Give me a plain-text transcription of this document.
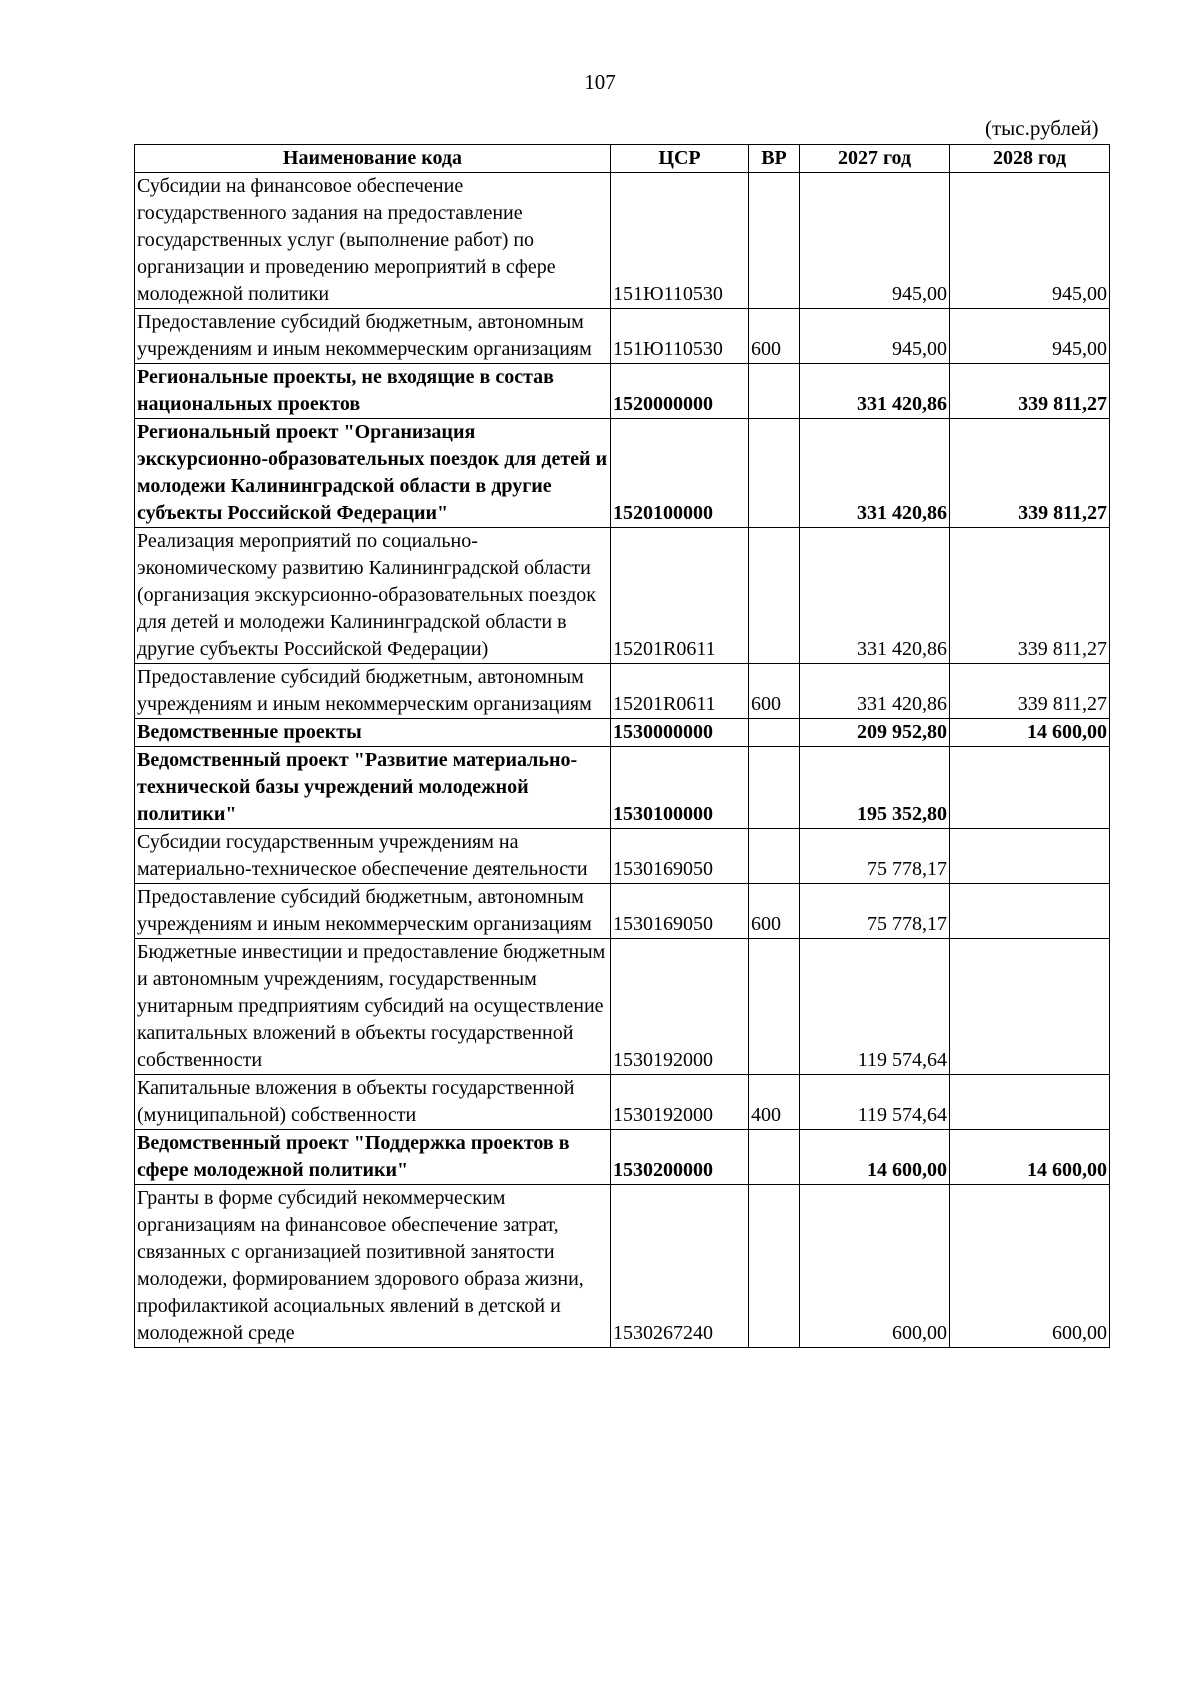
107
(тыс.рублей)
Наименование кода	ЦСР	ВР	2027 год	2028 год
Субсидии на финансовое обеспечение государственного задания на предоставление государственных услуг (выполнение работ) по организации и проведению мероприятий в сфере молодежной политики	151Ю110530		945,00	945,00
Предоставление субсидий бюджетным, автономным учреждениям и иным некоммерческим организациям	151Ю110530	600	945,00	945,00
Региональные проекты, не входящие в состав национальных проектов	1520000000		331 420,86	339 811,27
Региональный проект "Организация экскурсионно-образовательных поездок для детей и молодежи Калининградской области в другие субъекты Российской Федерации"	1520100000		331 420,86	339 811,27
Реализация мероприятий по социально-экономическому развитию Калининградской области (организация экскурсионно-образовательных поездок для детей и молодежи Калининградской области в другие субъекты Российской Федерации)	15201R0611		331 420,86	339 811,27
Предоставление субсидий бюджетным, автономным учреждениям и иным некоммерческим организациям	15201R0611	600	331 420,86	339 811,27
Ведомственные проекты	1530000000		209 952,80	14 600,00
Ведомственный проект "Развитие материально-технической базы учреждений молодежной политики"	1530100000		195 352,80	
Субсидии государственным учреждениям на материально-техническое обеспечение деятельности	1530169050		75 778,17	
Предоставление субсидий бюджетным, автономным учреждениям и иным некоммерческим организациям	1530169050	600	75 778,17	
Бюджетные инвестиции и предоставление бюджетным и автономным учреждениям, государственным унитарным предприятиям субсидий на осуществление капитальных вложений в объекты государственной собственности	1530192000		119 574,64	
Капитальные вложения в объекты государственной (муниципальной) собственности	1530192000	400	119 574,64	
Ведомственный проект "Поддержка проектов в сфере молодежной политики"	1530200000		14 600,00	14 600,00
Гранты в форме субсидий некоммерческим организациям на финансовое обеспечение затрат, связанных с организацией позитивной занятости молодежи, формированием здорового образа жизни, профилактикой асоциальных явлений в детской и молодежной среде	1530267240		600,00	600,00
